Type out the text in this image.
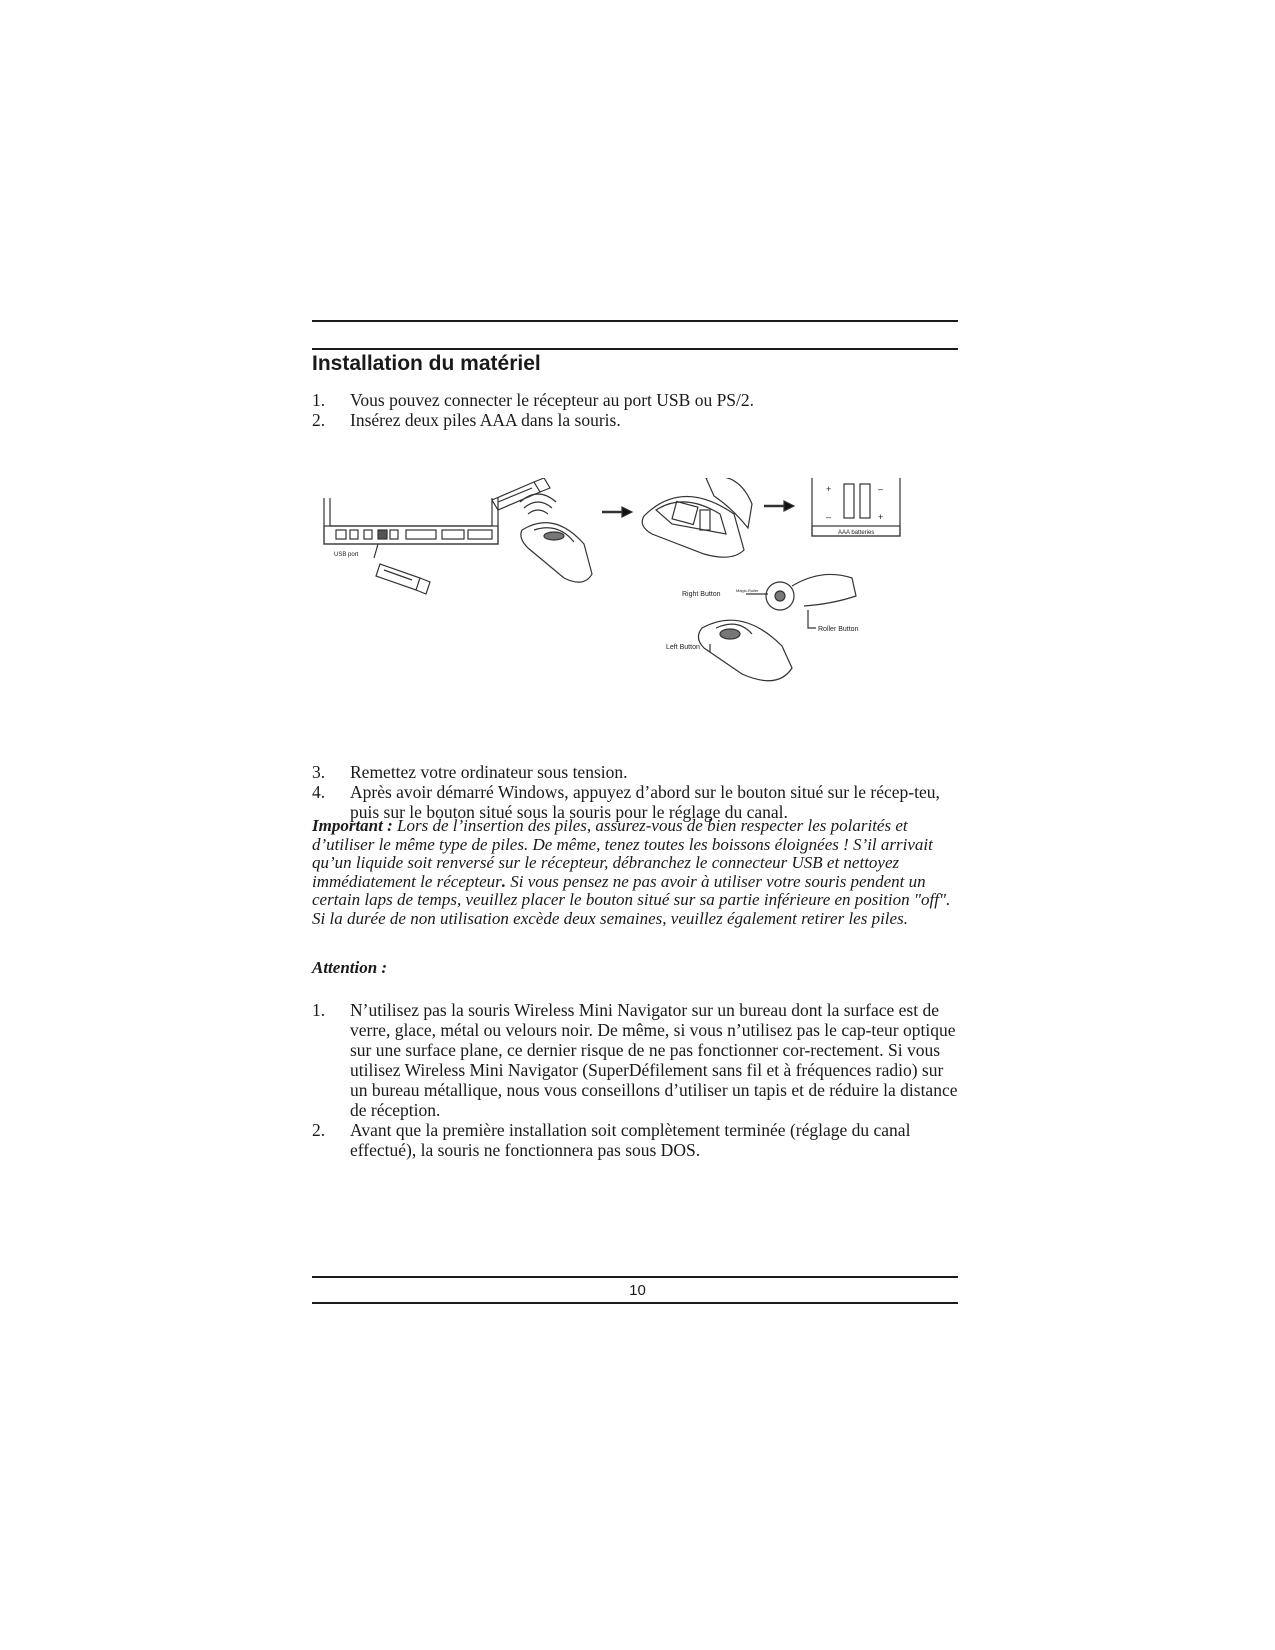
Installation du matériel
1. Vous pouvez connecter le récepteur au port USB ou PS/2.
2. Insérez deux piles AAA dans la souris.
USB port
AAA batteries
+	–
–	+
Right Button
Magic-Roller
Roller Button
Left Button
3. Remettez votre ordinateur sous tension.
4. Après avoir démarré Windows, appuyez d’abord sur le bouton situé sur le récep-teu, puis sur le bouton situé sous la souris pour le réglage du canal.

Important : Lors de l’insertion des piles, assurez-vous de bien respecter les polarités et d’utiliser le même type de piles. De même, tenez toutes les boissons éloignées ! S’il arrivait qu’un liquide soit renversé sur le récepteur, débranchez le connecteur USB et nettoyez immédiatement le récepteur. Si vous pensez ne pas avoir à utiliser votre souris pendent un certain laps de temps, veuillez placer le bouton situé sur sa partie inférieure en position "off". Si la durée de non utilisation excède deux semaines, veuillez également retirer les piles.

Attention :

1. N’utilisez pas la souris Wireless Mini Navigator sur un bureau dont la surface est de verre, glace, métal ou velours noir. De même, si vous n’utilisez pas le cap-teur optique sur une surface plane, ce dernier risque de ne pas fonctionner cor-rectement. Si vous utilisez Wireless Mini Navigator (SuperDéfilement sans fil et à fréquences radio) sur un bureau métallique, nous vous conseillons d’utiliser un tapis et de réduire la distance de réception.
2. Avant que la première installation soit complètement terminée (réglage du canal effectué), la souris ne fonctionnera pas sous DOS.
10
